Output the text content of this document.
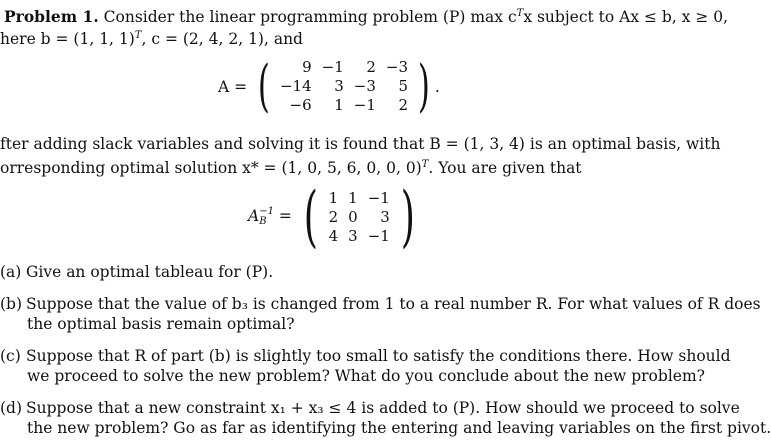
Problem 1. Consider the linear programming problem (P) $\max c^Tx$ subject to Ax ≤ b, x ≥ 0,
here b = (1, 1, 1)$^T$, c = (2, 4, 2, 1), and
A = ( 9	−1	2	−3
−14	3	−3	5
−6	1	−1	2 ) .
fter adding slack variables and solving it is found that B = (1, 3, 4) is an optimal basis, with
orresponding optimal solution x* = (1, 0, 5, 6, 0, 0, 0)$^T$. You are given that
A −1
B = ( 1	1	−1
2	0	3
4	3	−1 )
(a) Give an optimal tableau for (P).
(b) Suppose that the value of b₃ is changed from 1 to a real number R. For what values of R does
the optimal basis remain optimal?
(c) Suppose that R of part (b) is slightly too small to satisfy the conditions there. How should
we proceed to solve the new problem? What do you conclude about the new problem?
(d) Suppose that a new constraint x₁ + x₃ ≤ 4 is added to (P). How should we proceed to solve
the new problem? Go as far as identifying the entering and leaving variables on the first pivot.
